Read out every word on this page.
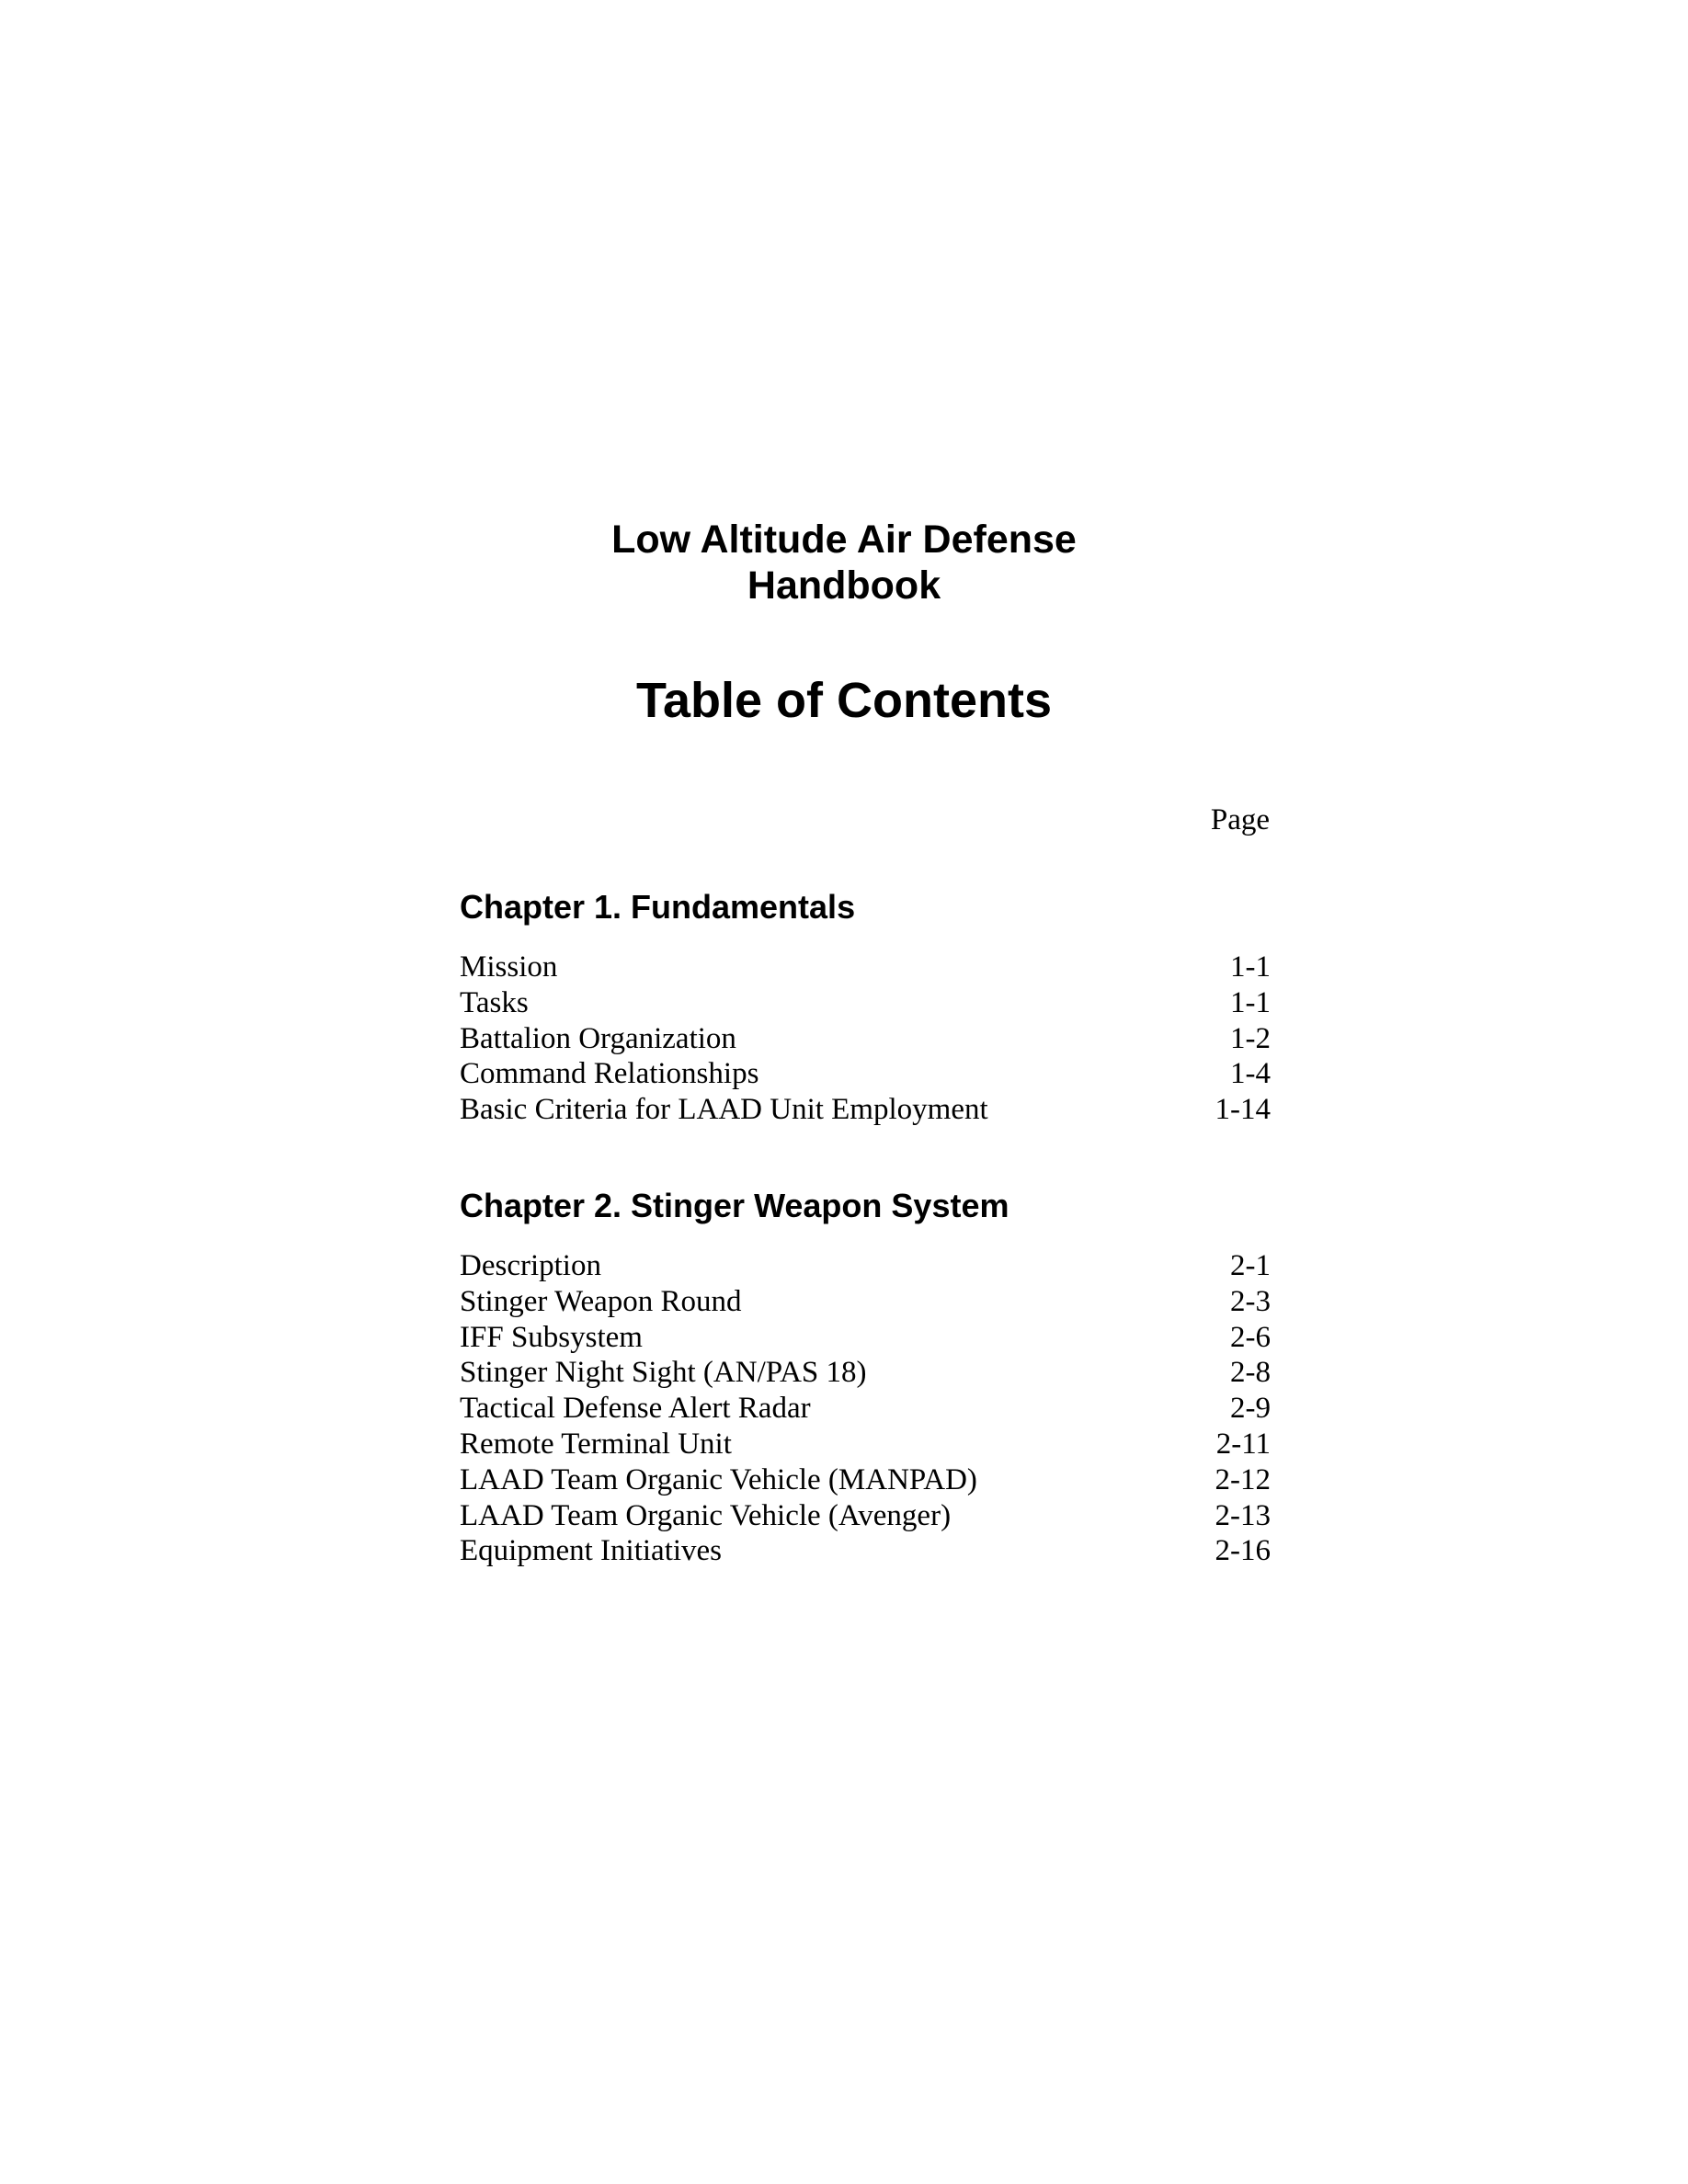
Low Altitude Air Defense
Handbook
Table of Contents
Page
Chapter 1. Fundamentals
Mission	1-1
Tasks	1-1
Battalion Organization	1-2
Command Relationships	1-4
Basic Criteria for LAAD Unit Employment	1-14
Chapter 2. Stinger Weapon System
Description	2-1
Stinger Weapon Round	2-3
IFF Subsystem	2-6
Stinger Night Sight (AN/PAS 18)	2-8
Tactical Defense Alert Radar	2-9
Remote Terminal Unit	2-11
LAAD Team Organic Vehicle (MANPAD)	2-12
LAAD Team Organic Vehicle (Avenger)	2-13
Equipment Initiatives	2-16
